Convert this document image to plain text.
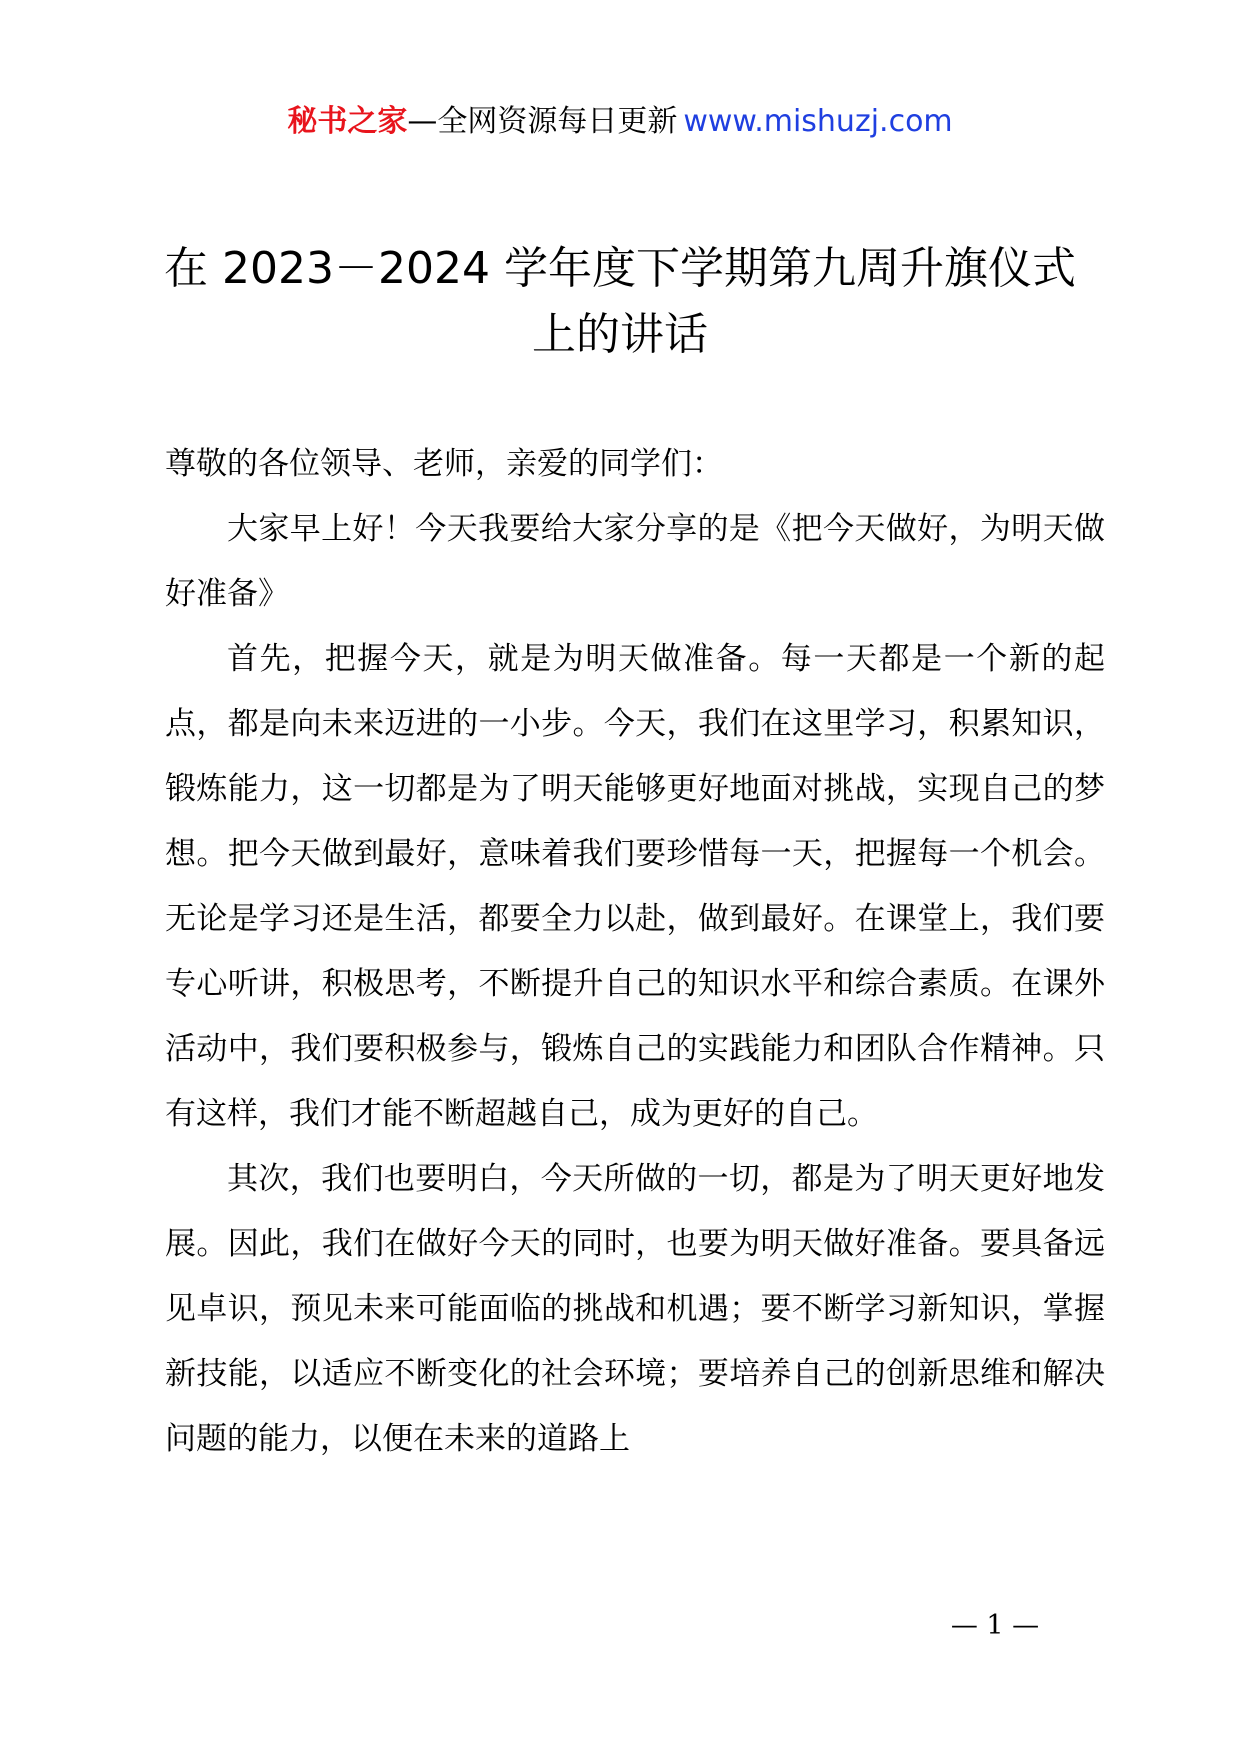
秘书之家—全网资源每日更新 www.mishuzj.com
在 2023－2024 学年度下学期第九周升旗仪式上的讲话

尊敬的各位领导、老师，亲爱的同学们：

大家早上好！今天我要给大家分享的是《把今天做好，为明天做好准备》

首先，把握今天，就是为明天做准备。每一天都是一个新的起点，都是向未来迈进的一小步。今天，我们在这里学习，积累知识，锻炼能力，这一切都是为了明天能够更好地面对挑战，实现自己的梦想。把今天做到最好，意味着我们要珍惜每一天，把握每一个机会。无论是学习还是生活，都要全力以赴，做到最好。在课堂上，我们要专心听讲，积极思考，不断提升自己的知识水平和综合素质。在课外活动中，我们要积极参与，锻炼自己的实践能力和团队合作精神。只有这样，我们才能不断超越自己，成为更好的自己。

其次，我们也要明白，今天所做的一切，都是为了明天更好地发展。因此，我们在做好今天的同时，也要为明天做好准备。要具备远见卓识，预见未来可能面临的挑战和机遇；要不断学习新知识，掌握新技能，以适应不断变化的社会环境；要培养自己的创新思维和解决问题的能力，以便在未来的道路上

— 1 —
